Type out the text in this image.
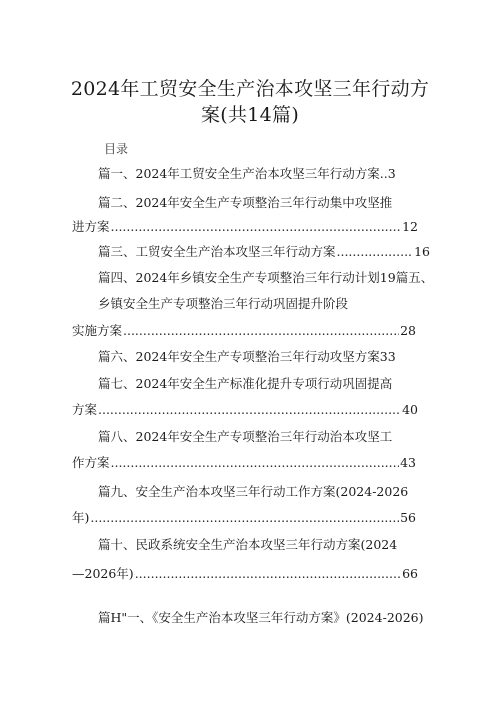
2024年工贸安全生产治本攻坚三年行动方
案(共14篇)
目录
篇一、2024年工贸安全生产治本攻坚三年行动方案..3
篇二、2024年安全生产专项整治三年行动集中攻坚推
进方案 .....	12
篇三、工贸安全生产治本攻坚三年行动方案 .....	16
篇四、2024年乡镇安全生产专项整治三年行动计划19篇五、
乡镇安全生产专项整治三年行动巩固提升阶段
实施方案 .....	28
篇六、2024年安全生产专项整治三年行动攻坚方案33
篇七、2024年安全生产标准化提升专项行动巩固提高
方案 .....	40
篇八、2024年安全生产专项整治三年行动治本攻坚工
作方案 .....	43
篇九、安全生产治本攻坚三年行动工作方案(2024-2026
年) .....	56
篇十、民政系统安全生产治本攻坚三年行动方案(2024
—2026年) .....	66
篇H"一、《安全生产治本攻坚三年行动方案》(2024-2026)
